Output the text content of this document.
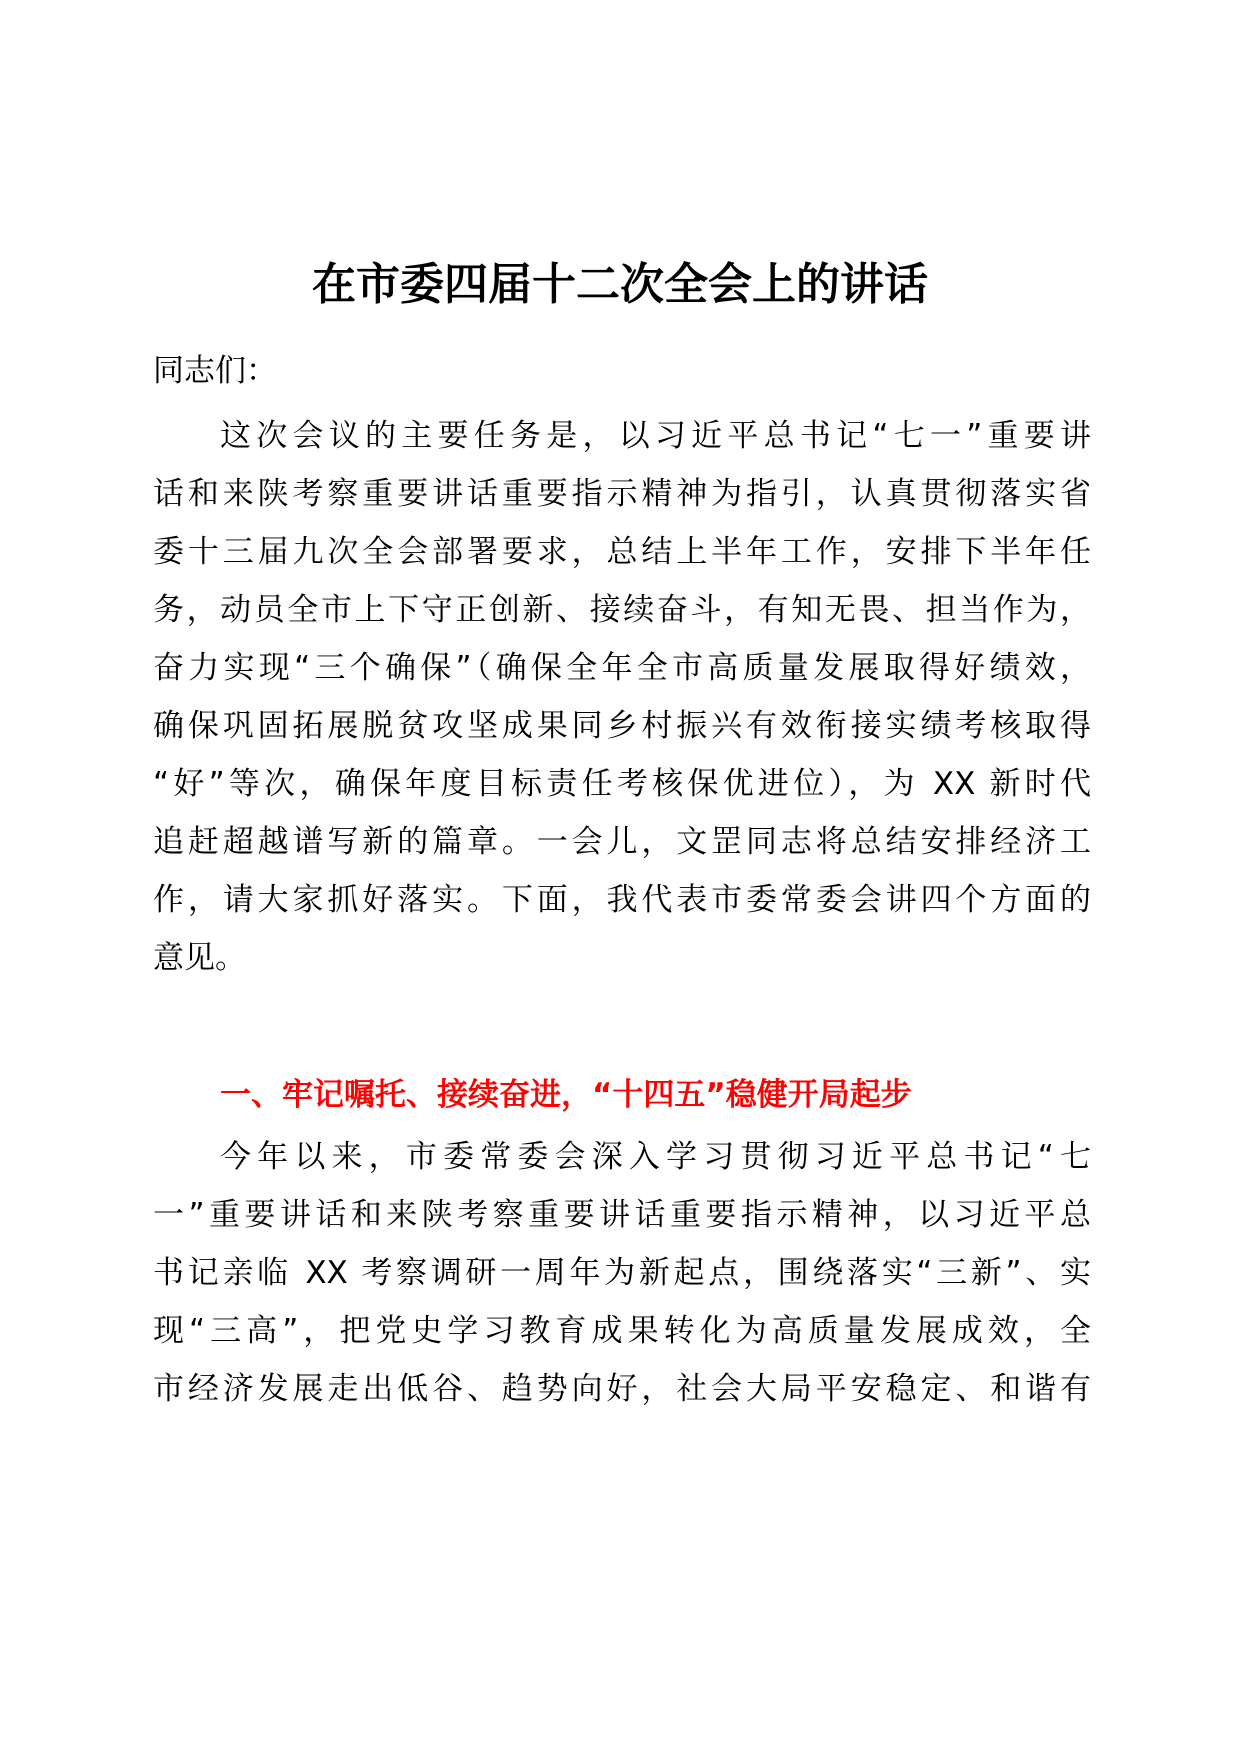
在市委四届十二次全会上的讲话

同志们：

这次会议的主要任务是，以习近平总书记“七一”重要讲

话和来陕考察重要讲话重要指示精神为指引，认真贯彻落实省

委十三届九次全会部署要求，总结上半年工作，安排下半年任

务，动员全市上下守正创新、接续奋斗，有知无畏、担当作为，

奋力实现“三个确保”（确保全年全市高质量发展取得好绩效，

确保巩固拓展脱贫攻坚成果同乡村振兴有效衔接实绩考核取得

“好”等次，确保年度目标责任考核保优进位），为 XX 新时代

追赶超越谱写新的篇章。一会儿，文罡同志将总结安排经济工

作，请大家抓好落实。下面，我代表市委常委会讲四个方面的

意见。

一、牢记嘱托、接续奋进，“十四五”稳健开局起步

今年以来，市委常委会深入学习贯彻习近平总书记“七

一”重要讲话和来陕考察重要讲话重要指示精神，以习近平总

书记亲临 XX 考察调研一周年为新起点，围绕落实“三新”、实

现“三高”，把党史学习教育成果转化为高质量发展成效，全

市经济发展走出低谷、趋势向好，社会大局平安稳定、和谐有
